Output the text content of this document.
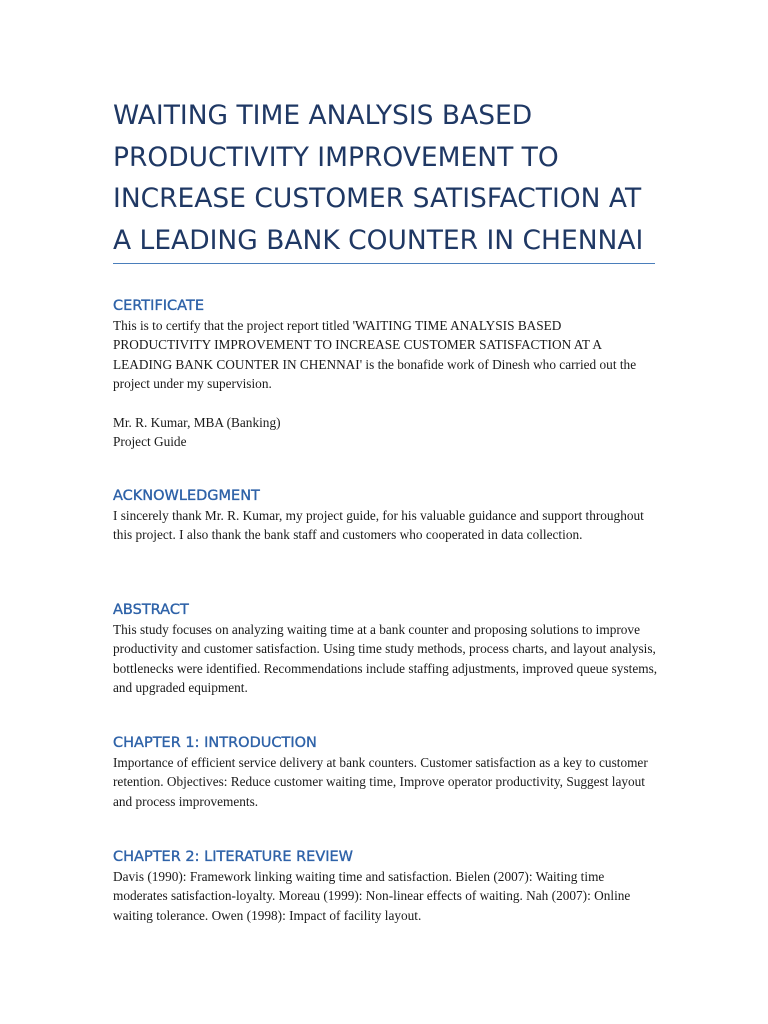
WAITING TIME ANALYSIS BASED PRODUCTIVITY IMPROVEMENT TO INCREASE CUSTOMER SATISFACTION AT A LEADING BANK COUNTER IN CHENNAI
CERTIFICATE

This is to certify that the project report titled 'WAITING TIME ANALYSIS BASED PRODUCTIVITY IMPROVEMENT TO INCREASE CUSTOMER SATISFACTION AT A LEADING BANK COUNTER IN CHENNAI' is the bonafide work of Dinesh who carried out the project under my supervision.

Mr. R. Kumar, MBA (Banking)

Project Guide

ACKNOWLEDGMENT

I sincerely thank Mr. R. Kumar, my project guide, for his valuable guidance and support throughout this project. I also thank the bank staff and customers who cooperated in data collection.

ABSTRACT

This study focuses on analyzing waiting time at a bank counter and proposing solutions to improve productivity and customer satisfaction. Using time study methods, process charts, and layout analysis, bottlenecks were identified. Recommendations include staffing adjustments, improved queue systems, and upgraded equipment.

CHAPTER 1: INTRODUCTION

Importance of efficient service delivery at bank counters. Customer satisfaction as a key to customer retention. Objectives: Reduce customer waiting time, Improve operator productivity, Suggest layout and process improvements.

CHAPTER 2: LITERATURE REVIEW

Davis (1990): Framework linking waiting time and satisfaction. Bielen (2007): Waiting time moderates satisfaction-loyalty. Moreau (1999): Non-linear effects of waiting. Nah (2007): Online waiting tolerance. Owen (1998): Impact of facility layout.
